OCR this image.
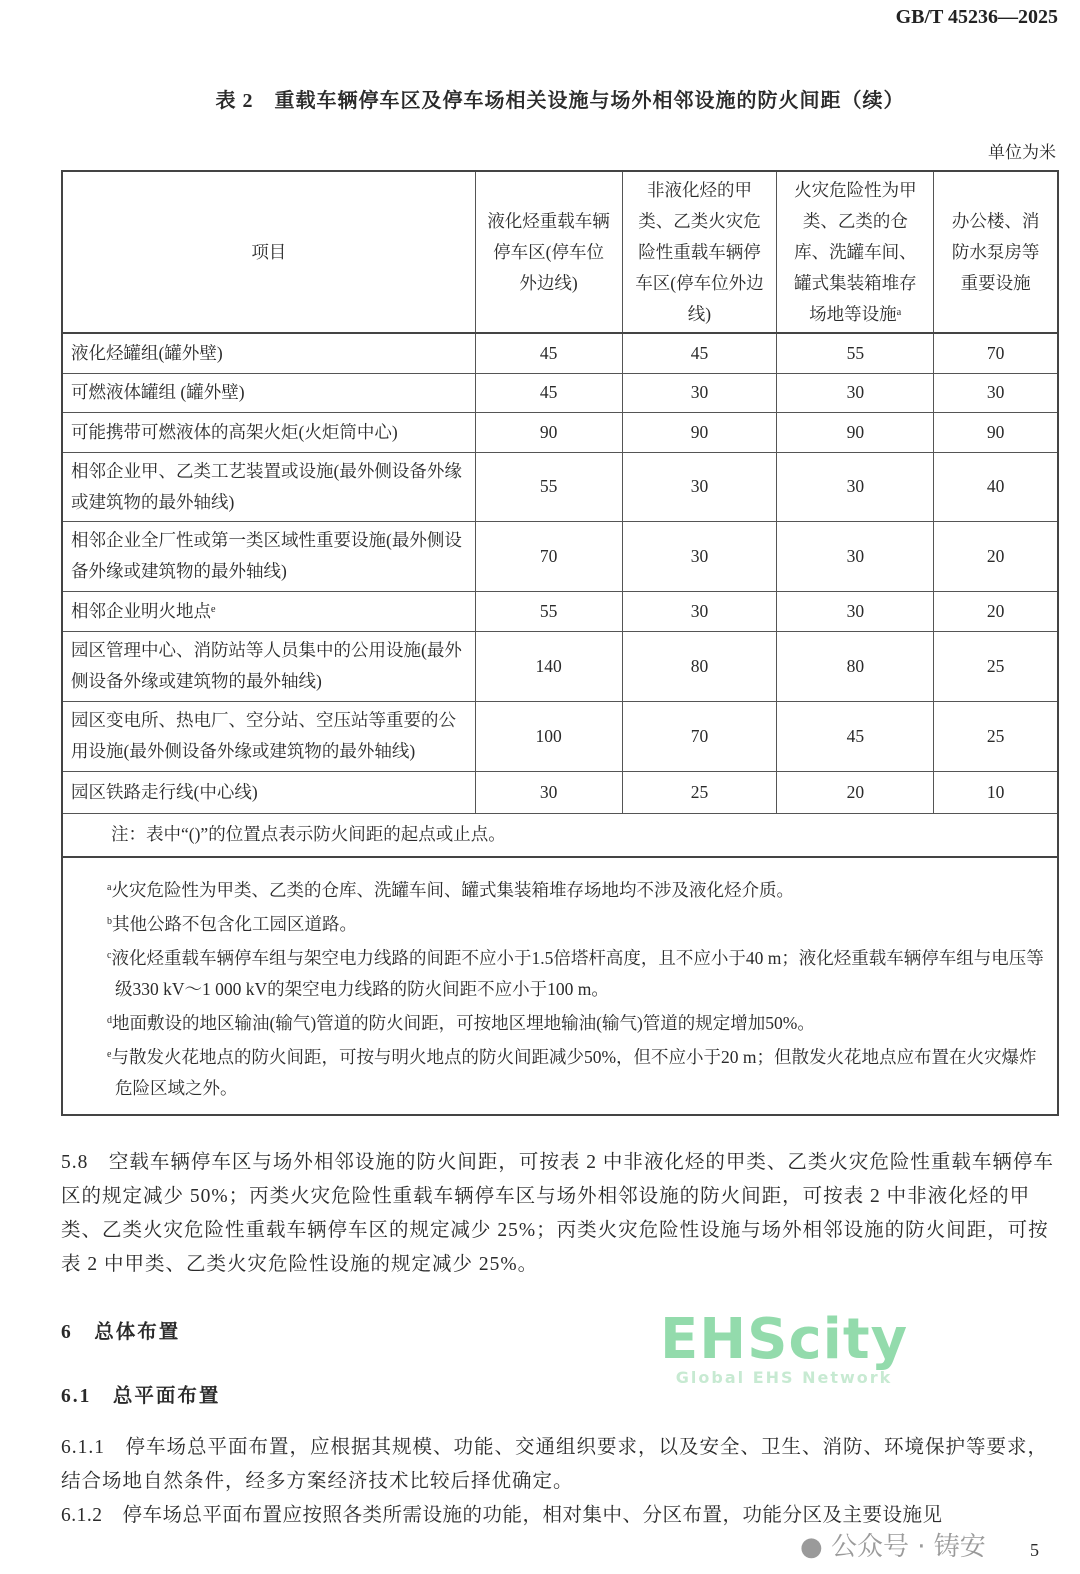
GB/T 45236—2025
表 2　重载车辆停车区及停车场相关设施与场外相邻设施的防火间距（续）
单位为米
项目	液化烃重载车辆停车区(停车位外边线)	非液化烃的甲类、乙类火灾危险性重载车辆停车区(停车位外边线)	火灾危险性为甲类、乙类的仓库、洗罐车间、罐式集装箱堆存场地等设施ᵃ	办公楼、消防水泵房等重要设施
液化烃罐组(罐外壁)	45	45	55	70
可燃液体罐组 (罐外壁)	45	30	30	30
可能携带可燃液体的高架火炬(火炬筒中心)	90	90	90	90
相邻企业甲、乙类工艺装置或设施(最外侧设备外缘或建筑物的最外轴线)	55	30	30	40
相邻企业全厂性或第一类区域性重要设施(最外侧设备外缘或建筑物的最外轴线)	70	30	30	20
相邻企业明火地点ᵉ	55	30	30	20
园区管理中心、消防站等人员集中的公用设施(最外侧设备外缘或建筑物的最外轴线)	140	80	80	25
园区变电所、热电厂、空分站、空压站等重要的公用设施(最外侧设备外缘或建筑物的最外轴线)	100	70	45	25
园区铁路走行线(中心线)	30	25	20	10
注：表中“()”的位置点表示防火间距的起点或止点。				

$^a$火灾危险性为甲类、乙类的仓库、洗罐车间、罐式集装箱堆存场地均不涉及液化烃介质。
$^b$其他公路不包含化工园区道路。
$^c$液化烃重载车辆停车组与架空电力线路的间距不应小于1.5倍塔杆高度，且不应小于40 m；液化烃重载车辆停车组与电压等级330 kV～1 000 kV的架空电力线路的防火间距不应小于100 m。
$^d$地面敷设的地区输油(输气)管道的防火间距，可按地区埋地输油(输气)管道的规定增加50%。
$^e$与散发火花地点的防火间距，可按与明火地点的防火间距减少50%，但不应小于20 m；但散发火花地点应布置在火灾爆炸危险区域之外。				
5.8　空载车辆停车区与场外相邻设施的防火间距，可按表 2 中非液化烃的甲类、乙类火灾危险性重载车辆停车区的规定减少 50%；丙类火灾危险性重载车辆停车区与场外相邻设施的防火间距，可按表 2 中非液化烃的甲类、乙类火灾危险性重载车辆停车区的规定减少 25%；丙类火灾危险性设施与场外相邻设施的防火间距，可按表 2 中甲类、乙类火灾危险性设施的规定减少 25%。
6　总体布置
6.1　总平面布置
6.1.1　停车场总平面布置，应根据其规模、功能、交通组织要求，以及安全、卫生、消防、环境保护等要求，结合场地自然条件，经多方案经济技术比较后择优确定。
6.1.2　停车场总平面布置应按照各类所需设施的功能，相对集中、分区布置，功能分区及主要设施见
EHScity
Global EHS Network
● 公众号 · 铸安 5
